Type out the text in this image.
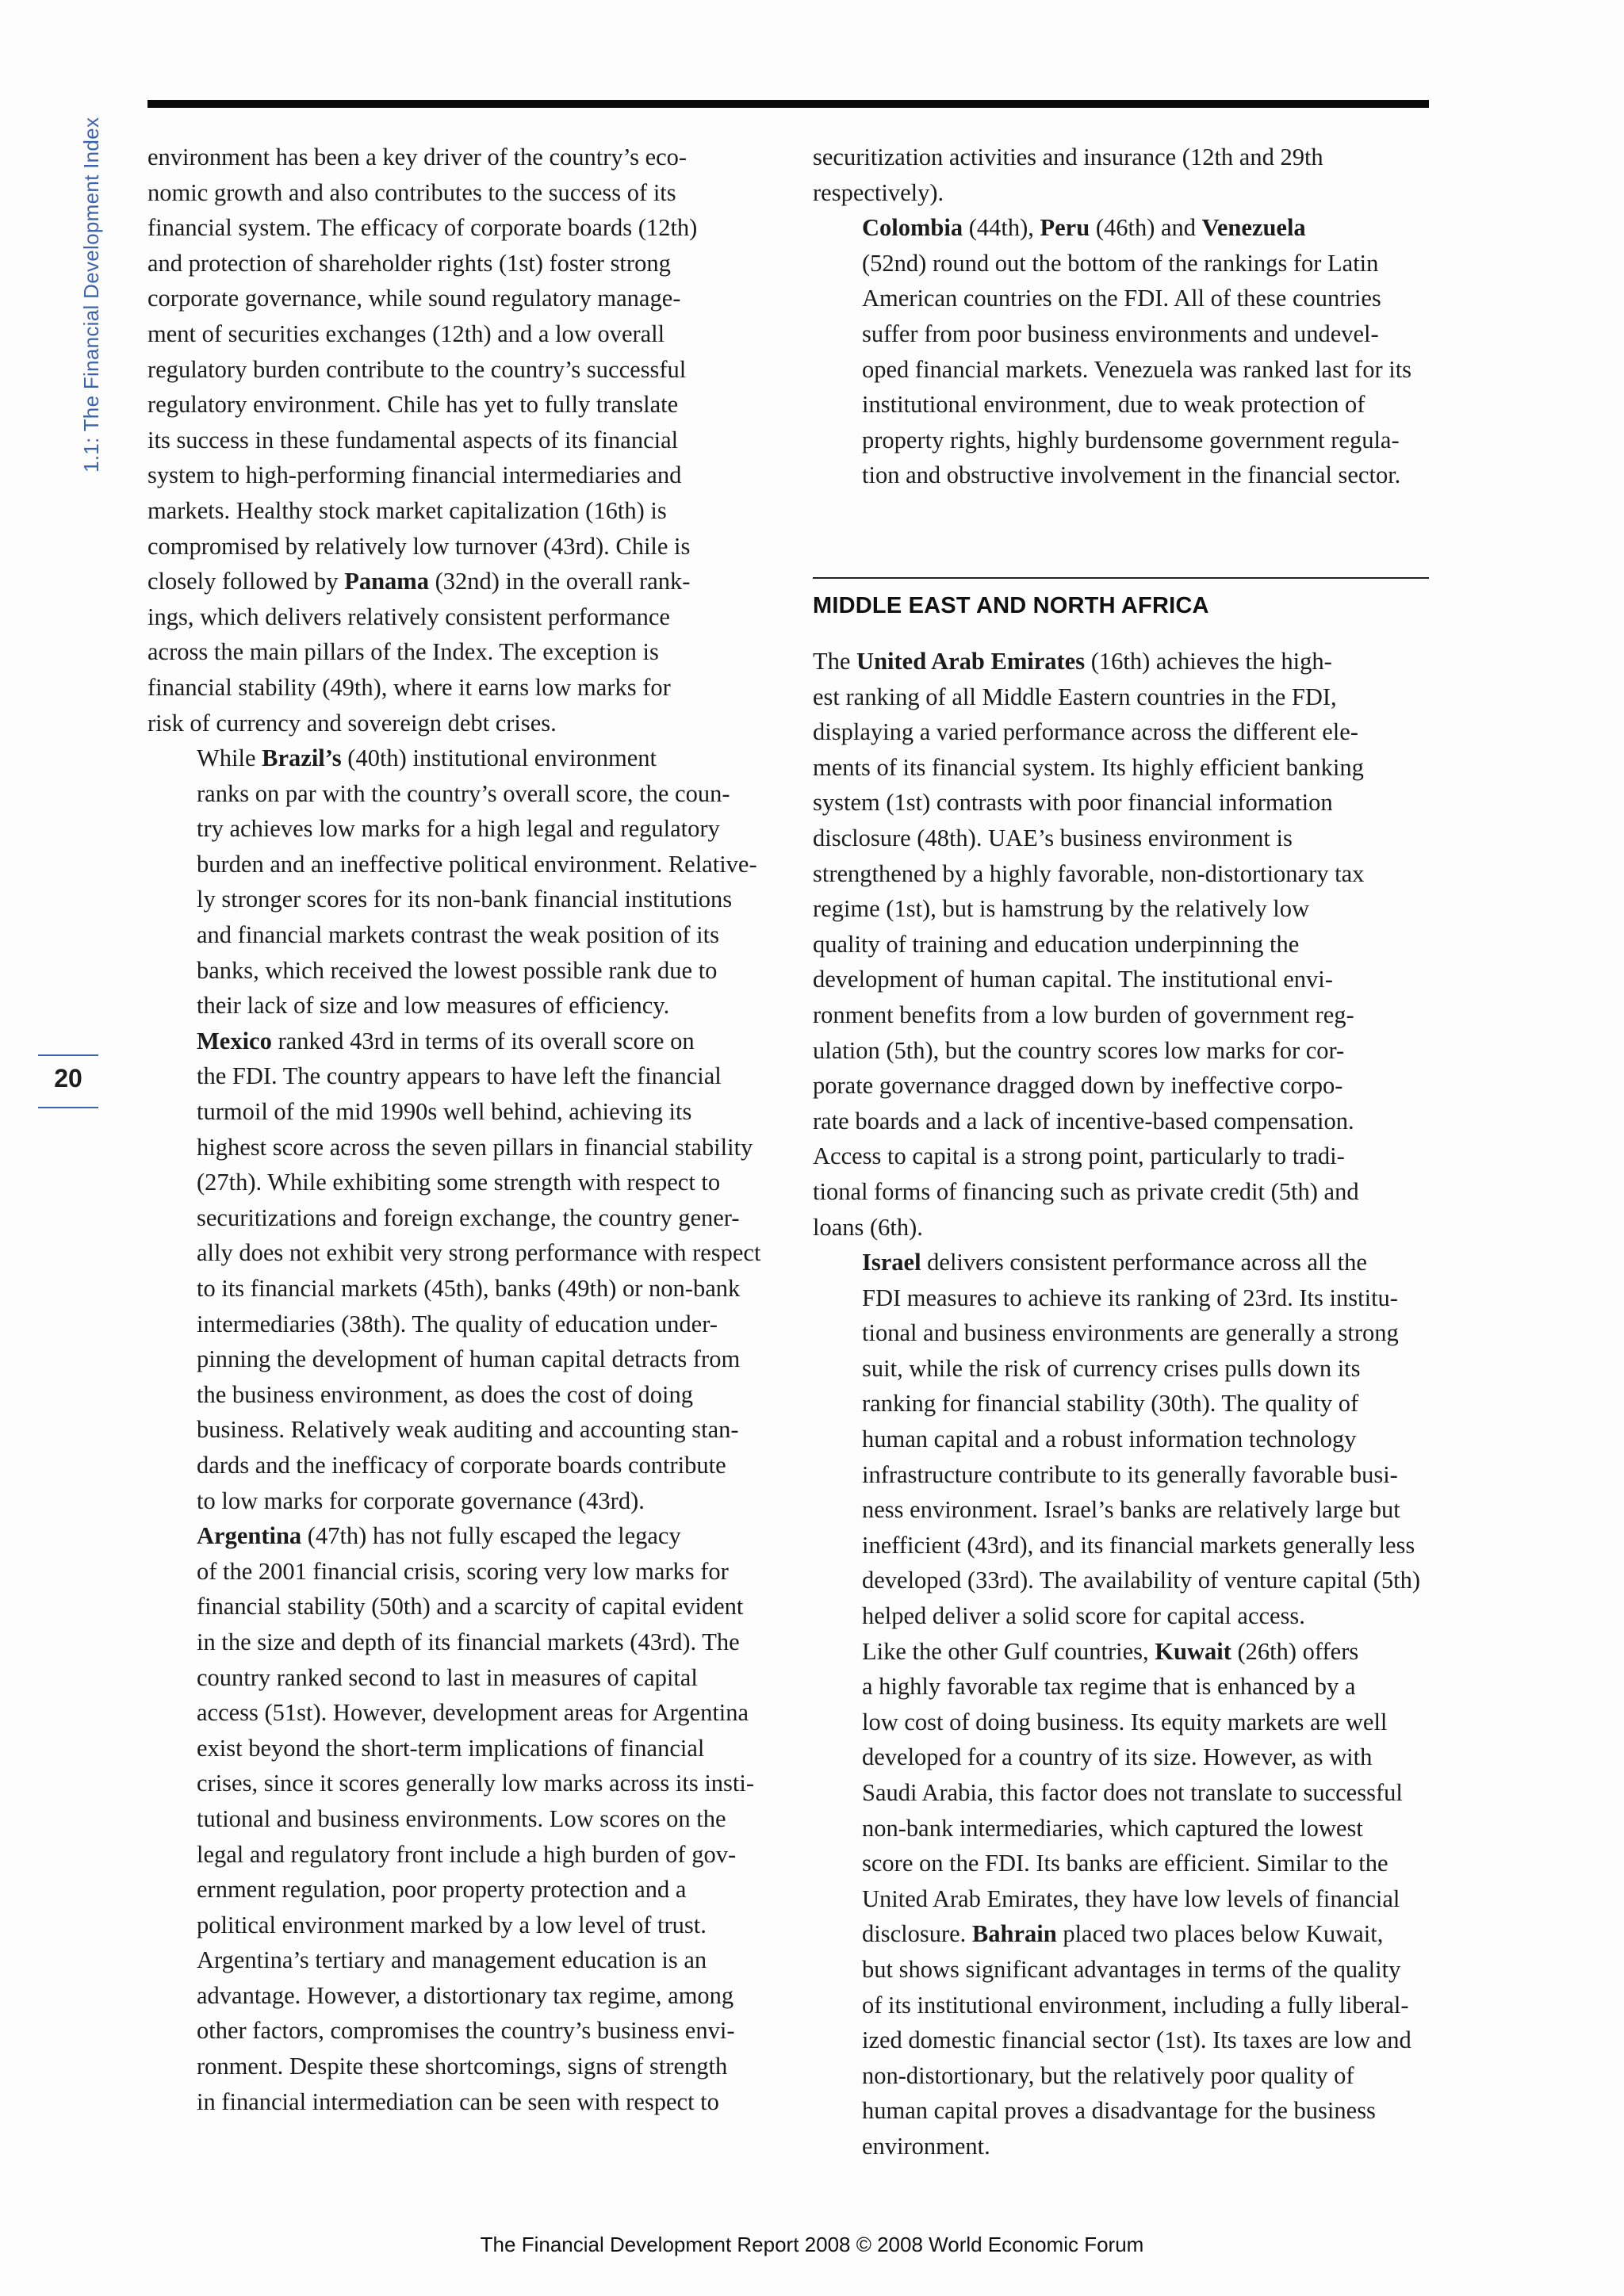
1.1: The Financial Development Index
20

environment has been a key driver of the country’s eco-
nomic growth and also contributes to the success of its
financial system. The efficacy of corporate boards (12th)
and protection of shareholder rights (1st) foster strong
corporate governance, while sound regulatory manage-
ment of securities exchanges (12th) and a low overall
regulatory burden contribute to the country’s successful
regulatory environment. Chile has yet to fully translate
its success in these fundamental aspects of its financial
system to high-performing financial intermediaries and
markets. Healthy stock market capitalization (16th) is
compromised by relatively low turnover (43rd). Chile is
closely followed by Panama (32nd) in the overall rank-
ings, which delivers relatively consistent performance
across the main pillars of the Index. The exception is
financial stability (49th), where it earns low marks for
risk of currency and sovereign debt crises.

While Brazil’s (40th) institutional environment
ranks on par with the country’s overall score, the coun-
try achieves low marks for a high legal and regulatory
burden and an ineffective political environment. Relative-
ly stronger scores for its non-bank financial institutions
and financial markets contrast the weak position of its
banks, which received the lowest possible rank due to
their lack of size and low measures of efficiency.

Mexico ranked 43rd in terms of its overall score on
the FDI. The country appears to have left the financial
turmoil of the mid 1990s well behind, achieving its
highest score across the seven pillars in financial stability
(27th). While exhibiting some strength with respect to
securitizations and foreign exchange, the country gener-
ally does not exhibit very strong performance with respect
to its financial markets (45th), banks (49th) or non-bank
intermediaries (38th). The quality of education under-
pinning the development of human capital detracts from
the business environment, as does the cost of doing
business. Relatively weak auditing and accounting stan-
dards and the inefficacy of corporate boards contribute
to low marks for corporate governance (43rd).

Argentina (47th) has not fully escaped the legacy
of the 2001 financial crisis, scoring very low marks for
financial stability (50th) and a scarcity of capital evident
in the size and depth of its financial markets (43rd). The
country ranked second to last in measures of capital
access (51st). However, development areas for Argentina
exist beyond the short-term implications of financial
crises, since it scores generally low marks across its insti-
tutional and business environments. Low scores on the
legal and regulatory front include a high burden of gov-
ernment regulation, poor property protection and a
political environment marked by a low level of trust.
Argentina’s tertiary and management education is an
advantage. However, a distortionary tax regime, among
other factors, compromises the country’s business envi-
ronment. Despite these shortcomings, signs of strength
in financial intermediation can be seen with respect to

securitization activities and insurance (12th and 29th
respectively).

Colombia (44th), Peru (46th) and Venezuela
(52nd) round out the bottom of the rankings for Latin
American countries on the FDI. All of these countries
suffer from poor business environments and undevel-
oped financial markets. Venezuela was ranked last for its
institutional environment, due to weak protection of
property rights, highly burdensome government regula-
tion and obstructive involvement in the financial sector.

MIDDLE EAST AND NORTH AFRICA

The United Arab Emirates (16th) achieves the high-
est ranking of all Middle Eastern countries in the FDI,
displaying a varied performance across the different ele-
ments of its financial system. Its highly efficient banking
system (1st) contrasts with poor financial information
disclosure (48th). UAE’s business environment is
strengthened by a highly favorable, non-distortionary tax
regime (1st), but is hamstrung by the relatively low
quality of training and education underpinning the
development of human capital. The institutional envi-
ronment benefits from a low burden of government reg-
ulation (5th), but the country scores low marks for cor-
porate governance dragged down by ineffective corpo-
rate boards and a lack of incentive-based compensation.
Access to capital is a strong point, particularly to tradi-
tional forms of financing such as private credit (5th) and
loans (6th).

Israel delivers consistent performance across all the
FDI measures to achieve its ranking of 23rd. Its institu-
tional and business environments are generally a strong
suit, while the risk of currency crises pulls down its
ranking for financial stability (30th). The quality of
human capital and a robust information technology
infrastructure contribute to its generally favorable busi-
ness environment. Israel’s banks are relatively large but
inefficient (43rd), and its financial markets generally less
developed (33rd). The availability of venture capital (5th)
helped deliver a solid score for capital access.

Like the other Gulf countries, Kuwait (26th) offers
a highly favorable tax regime that is enhanced by a
low cost of doing business. Its equity markets are well
developed for a country of its size. However, as with
Saudi Arabia, this factor does not translate to successful
non-bank intermediaries, which captured the lowest
score on the FDI. Its banks are efficient. Similar to the
United Arab Emirates, they have low levels of financial
disclosure. Bahrain placed two places below Kuwait,
but shows significant advantages in terms of the quality
of its institutional environment, including a fully liberal-
ized domestic financial sector (1st). Its taxes are low and
non-distortionary, but the relatively poor quality of
human capital proves a disadvantage for the business
environment.

The Financial Development Report 2008 © 2008 World Economic Forum
